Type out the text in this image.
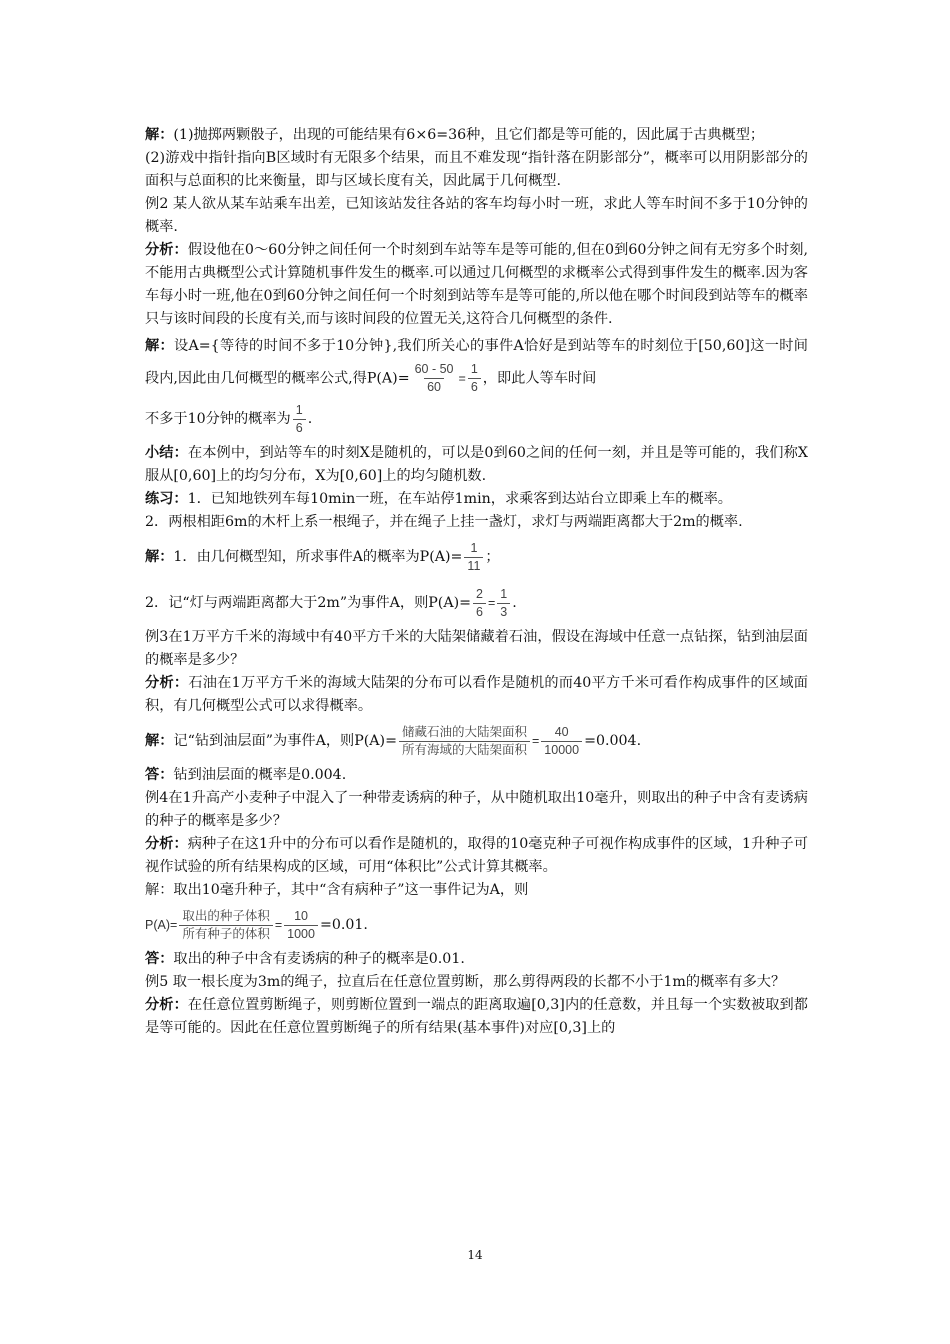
解：(1)抛掷两颗骰子，出现的可能结果有6×6=36种，且它们都是等可能的，因此属于古典概型；

(2)游戏中指针指向B区域时有无限多个结果，而且不难发现“指针落在阴影部分”，概率可以用阴影部分的面积与总面积的比来衡量，即与区域长度有关，因此属于几何概型.

例2 某人欲从某车站乘车出差，已知该站发往各站的客车均每小时一班，求此人等车时间不多于10分钟的概率.

分析：假设他在0～60分钟之间任何一个时刻到车站等车是等可能的,但在0到60分钟之间有无穷多个时刻,不能用古典概型公式计算随机事件发生的概率.可以通过几何概型的求概率公式得到事件发生的概率.因为客车每小时一班,他在0到60分钟之间任何一个时刻到站等车是等可能的,所以他在哪个时间段到站等车的概率只与该时间段的长度有关,而与该时间段的位置无关,这符合几何概型的条件.

解：设A={等待的时间不多于10分钟},我们所关心的事件A恰好是到站等车的时刻位于[50,60]这一时间段内,因此由几何概型的概率公式,得$P(A)= \frac{60 - 50}{60} = \frac{1}{6}$ ，即此人等车时间

不多于10分钟的概率为 $\frac{1}{6}$ .

小结：在本例中，到站等车的时刻X是随机的，可以是0到60之间的任何一刻，并且是等可能的，我们称X服从[0,60]上的均匀分布，X为[0,60]上的均匀随机数.

练习：1．已知地铁列车每10min一班，在车站停1min，求乘客到达站台立即乘上车的概率。

2．两根相距6m的木杆上系一根绳子，并在绳子上挂一盏灯，求灯与两端距离都大于2m的概率.

解：1．由几何概型知，所求事件A的概率为$P(A)= \frac{1}{11}$ ；

2．记“灯与两端距离都大于2m”为事件A，则$P(A)= \frac{2}{6} = \frac{1}{3}$ .

例3在1万平方千米的海域中有40平方千米的大陆架储藏着石油，假设在海域中任意一点钻探，钻到油层面的概率是多少？

分析：石油在1万平方千米的海域大陆架的分布可以看作是随机的而40平方千米可看作构成事件的区域面积，有几何概型公式可以求得概率。

解：记“钻到油层面”为事件A，则P(A)=
储藏石油的大陆架面积
所有海域的大陆架面积
= $\frac{40}{10000} =0.004$.

答：钻到油层面的概率是0.004.

例4在1升高产小麦种子中混入了一种带麦诱病的种子，从中随机取出10毫升，则取出的种子中含有麦诱病的种子的概率是多少？

分析：病种子在这1升中的分布可以看作是随机的，取得的10毫克种子可视作构成事件的区域，1升种子可视作试验的所有结果构成的区域，可用“体积比”公式计算其概率。

解：取出10毫升种子，其中“含有病种子”这一事件记为A，则

P(A)=
取出的种子体积
所有种子的体积
= $\frac{10}{1000} =0.01$.

答：取出的种子中含有麦诱病的种子的概率是0.01.

例5 取一根长度为3m的绳子，拉直后在任意位置剪断，那么剪得两段的长都不小于1m的概率有多大？

分析：在任意位置剪断绳子，则剪断位置到一端点的距离取遍[0,3]内的任意数，并且每一个实数被取到都是等可能的。因此在任意位置剪断绳子的所有结果(基本事件)对应[0,3]上的

14
